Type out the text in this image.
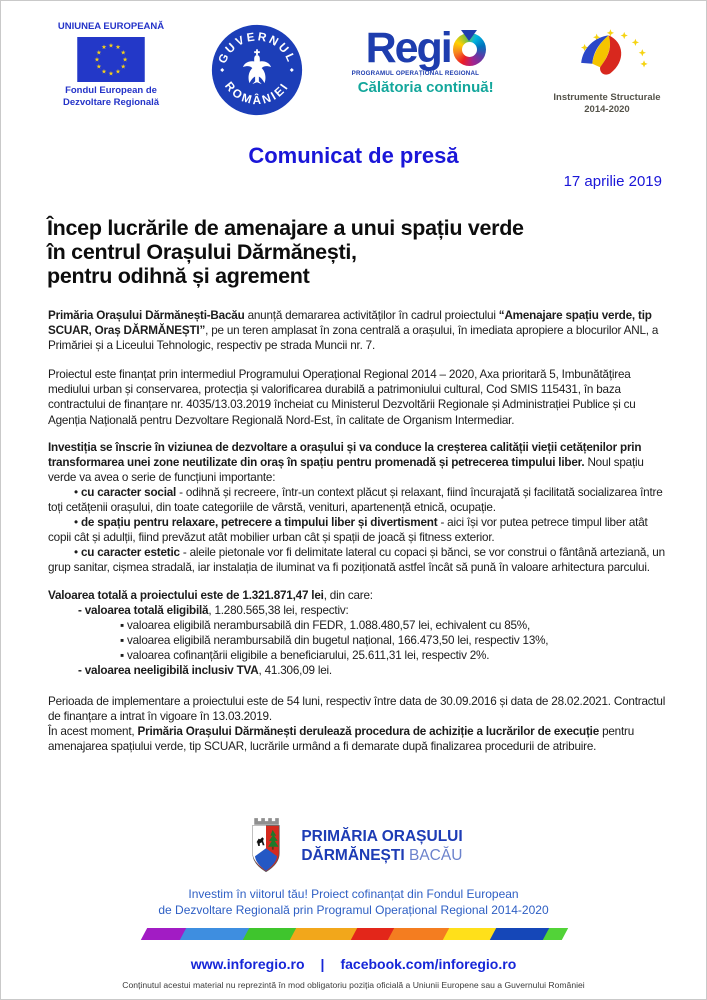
UNIUNEA EUROPEANĂ
★ ★
★
★
★
★
★
★
★
★
★
★
Fondul European de
Dezvoltare Regională
GUVERNUL
ROMÂNIEI
Regi
PROGRAMUL OPERAȚIONAL REGIONAL
Călătoria continuă!
Instrumente Structurale
2014-2020
Comunicat de presă
17 aprilie 2019
Încep lucrările de amenajare a unui spațiu verde
în centrul Orașului Dărmănești,
pentru odihnă și agrement
Primăria Orașului Dărmănești-Bacău anunță demararea activităților în cadrul proiectului “Amenajare spațiu verde, tip SCUAR, Oraș DĂRMĂNEȘTI”, pe un teren amplasat în zona centrală a orașului, în imediata apropiere a blocurilor ANL, a Primăriei și a Liceului Tehnologic, respectiv pe strada Muncii nr. 7.
Proiectul este finanțat prin intermediul Programului Operațional Regional 2014 – 2020, Axa prioritară 5, Imbunătățirea mediului urban și conservarea, protecția și valorificarea durabilă a patrimoniului cultural, Cod SMIS 115431, în baza contractului de finanțare nr. 4035/13.03.2019 încheiat cu Ministerul Dezvoltării Regionale și Administrației Publice și cu Agenția Națională pentru Dezvoltare Regională Nord-Est, în calitate de Organism Intermediar.
Investiția se înscrie în viziunea de dezvoltare a orașului și va conduce la creșterea calității vieții cetățenilor prin transformarea unei zone neutilizate din oraș în spațiu pentru promenadă și petrecerea timpului liber. Noul spațiu verde va avea o serie de funcțiuni importante:
• cu caracter social - odihnă și recreere, într-un context plăcut și relaxant, fiind încurajată și facilitată socializarea între toți cetățenii orașului, din toate categoriile de vârstă, venituri, apartenență etnică, ocupație.
• de spațiu pentru relaxare, petrecere a timpului liber și divertisment - aici își vor putea petrece timpul liber atât copii cât și adulții, fiind prevăzut atât mobilier urban cât și spații de joacă și fitness exterior.
• cu caracter estetic - aleile pietonale vor fi delimitate lateral cu copaci și bănci, se vor construi o fântână arteziană, un grup sanitar, cișmea stradală, iar instalația de iluminat va fi poziționată astfel încât să pună în valoare arhitectura parcului.
Valoarea totală a proiectului este de 1.321.871,47 lei, din care:
- valoarea totală eligibilă, 1.280.565,38 lei, respectiv:
▪ valoarea eligibilă nerambursabilă din FEDR, 1.088.480,57 lei, echivalent cu 85%,
▪ valoarea eligibilă nerambursabilă din bugetul național, 166.473,50 lei, respectiv 13%,
▪ valoarea cofinanțării eligibile a beneficiarului, 25.611,31 lei, respectiv 2%.
- valoarea neeligibilă inclusiv TVA, 41.306,09 lei.
Perioada de implementare a proiectului este de 54 luni, respectiv între data de 30.09.2016 și data de 28.02.2021. Contractul de finanțare a intrat în vigoare în 13.03.2019.
În acest moment, Primăria Orașului Dărmănești derulează procedura de achiziție a lucrărilor de execuție pentru amenajarea spațiului verde, tip SCUAR, lucrările urmând a fi demarate după finalizarea procedurii de atribuire.
PRIMĂRIA ORAȘULUI
DĂRMĂNEȘTI BACĂU
Investim în viitorul tău! Proiect cofinanțat din Fondul European
de Dezvoltare Regională prin Programul Operațional Regional 2014-2020
www.inforegio.ro | facebook.com/inforegio.ro
Conținutul acestui material nu reprezintă în mod obligatoriu poziția oficială a Uniunii Europene sau a Guvernului României
